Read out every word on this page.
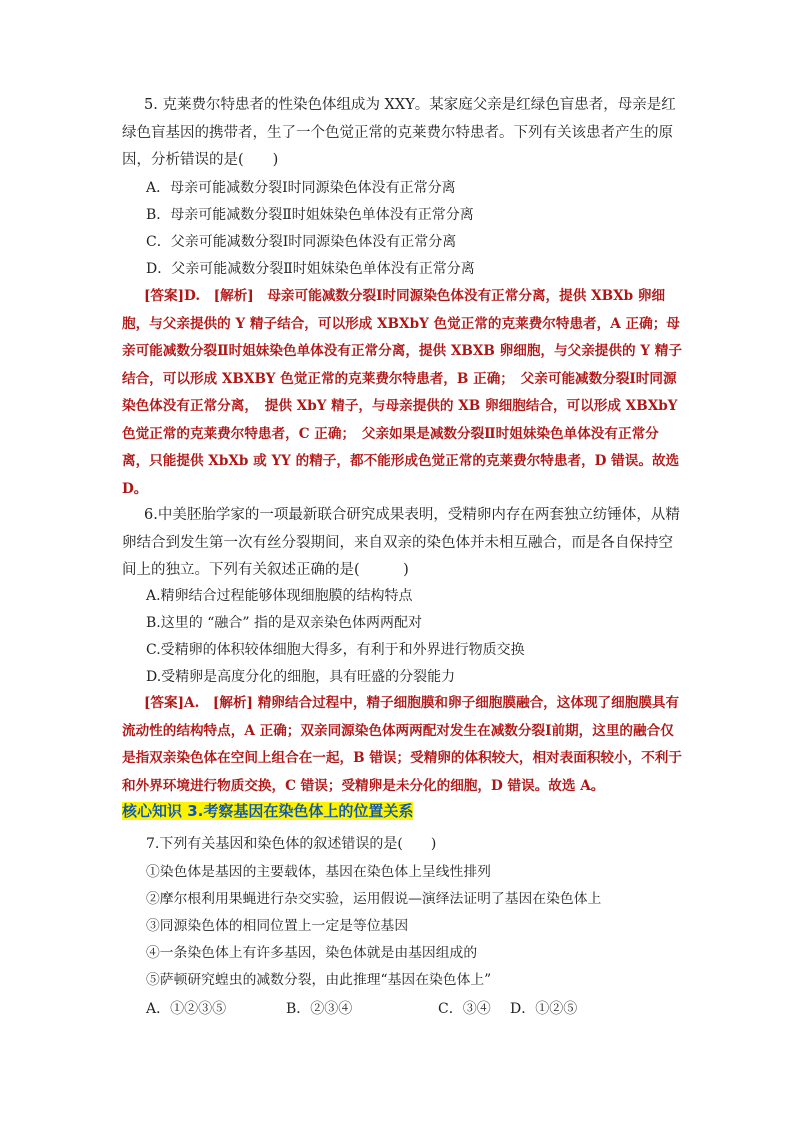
5. 克莱费尔特患者的性染色体组成为 XXY。某家庭父亲是红绿色盲患者，母亲是红绿色盲基因的携带者，生了一个色觉正常的克莱费尔特患者。下列有关该患者产生的原因，分析错误的是(　　)

A．母亲可能减数分裂Ⅰ时同源染色体没有正常分离
B．母亲可能减数分裂Ⅱ时姐妹染色单体没有正常分离
C．父亲可能减数分裂Ⅰ时同源染色体没有正常分离
D．父亲可能减数分裂Ⅱ时姐妹染色单体没有正常分离

[答案]D.　[解析]　母亲可能减数分裂Ⅰ时同源染色体没有正常分离，提供 XBXb 卵细胞，与父亲提供的 Y 精子结合，可以形成 XBXbY 色觉正常的克莱费尔特患者，A 正确；母亲可能减数分裂Ⅱ时姐妹染色单体没有正常分离，提供 XBXB 卵细胞，与父亲提供的 Y 精子结合，可以形成 XBXBY 色觉正常的克莱费尔特患者，B 正确；　父亲可能减数分裂Ⅰ时同源染色体没有正常分离，　提供 XbY 精子，与母亲提供的 XB 卵细胞结合，可以形成 XBXbY 色觉正常的克莱费尔特患者，C 正确；　父亲如果是减数分裂Ⅱ时姐妹染色单体没有正常分离，只能提供 XbXb 或 YY 的精子，都不能形成色觉正常的克莱费尔特患者，D 错误。故选 D。

6.中美胚胎学家的一项最新联合研究成果表明，受精卵内存在两套独立纺锤体，从精卵结合到发生第一次有丝分裂期间，来自双亲的染色体并未相互融合，而是各自保持空间上的独立。下列有关叙述正确的是(　　　)

A.精卵结合过程能够体现细胞膜的结构特点
B.这里的 “融合” 指的是双亲染色体两两配对
C.受精卵的体积较体细胞大得多，有利于和外界进行物质交换
D.受精卵是高度分化的细胞，具有旺盛的分裂能力

[答案]A.　[解析] 精卵结合过程中，精子细胞膜和卵子细胞膜融合，这体现了细胞膜具有流动性的结构特点，A 正确；双亲同源染色体两两配对发生在减数分裂Ⅰ前期，这里的融合仅是指双亲染色体在空间上组合在一起，B 错误；受精卵的体积较大，相对表面积较小，不利于和外界环境进行物质交换，C 错误；受精卵是未分化的细胞，D 错误。故选 A。

核心知识 3.考察基因在染色体上的位置关系
7.下列有关基因和染色体的叙述错误的是(　　)
①染色体是基因的主要载体，基因在染色体上呈线性排列
②摩尔根利用果蝇进行杂交实验，运用假说—演绎法证明了基因在染色体上
③同源染色体的相同位置上一定是等位基因
④一条染色体上有许多基因，染色体就是由基因组成的
⑤萨顿研究蝗虫的减数分裂，由此推理“基因在染色体上”
A．①②③⑤	B．②③④	C．③④ D．①②⑤
